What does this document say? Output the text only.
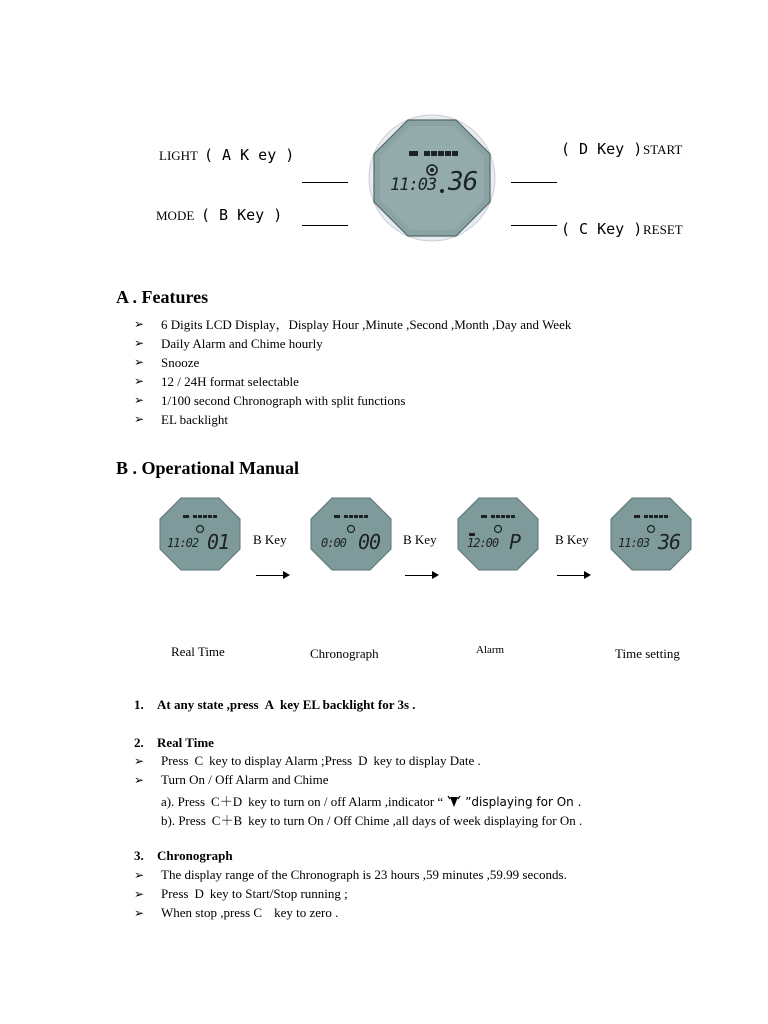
LIGHT ( A K ey )
MODE ( B Key )
( D Key ) START
( C Key ) RESET
11:03 36
A . Features
➢ 6 Digits LCD Display，Display Hour ,Minute ,Second ,Month ,Day and Week
➢ Daily Alarm and Chime hourly
➢ Snooze
➢ 12 / 24H format selectable
➢ 1/100 second Chronograph with split functions
➢ EL backlight
B . Operational Manual
11:02 01	0:00 00	12:00 P	11:03 36
B Key	B Key	B Key
Real Time	Chronograph	Alarm	Time setting
1. At any state ,press A key EL backlight for 3s .
2. Real Time
➢ Press C key to display Alarm ;Press D key to display Date .
➢ Turn On / Off Alarm and Chime
a). Press C＋D key to turn on / off Alarm ,indicator “ ”displaying for On .
b). Press C＋B key to turn On / Off Chime ,all days of week displaying for On .
3. Chronograph
➢ The display range of the Chronograph is 23 hours ,59 minutes ,59.99 seconds.
➢ Press D key to Start/Stop running ;
➢ When stop ,press C key to zero .
